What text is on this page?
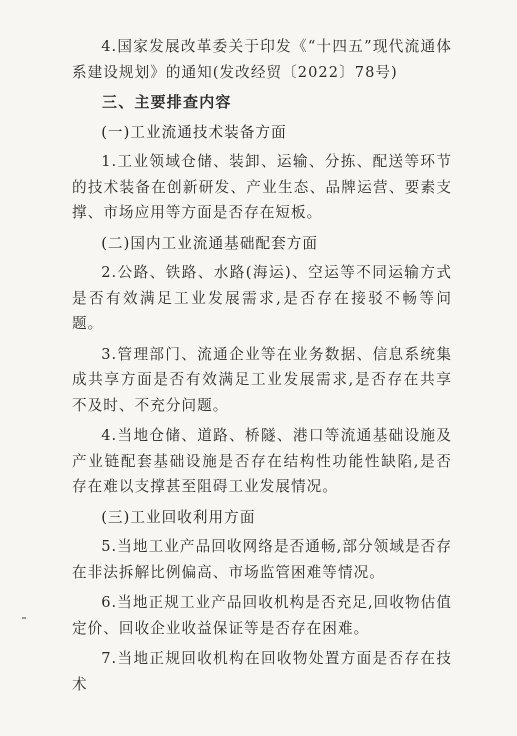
4.国家发展改革委关于印发《“十四五”现代流通体系建设规划》的通知(发改经贸〔2022〕78号)

三、主要排查内容

(一)工业流通技术装备方面

1.工业领域仓储、装卸、运输、分拣、配送等环节的技术装备在创新研发、产业生态、品牌运营、要素支撑、市场应用等方面是否存在短板。

(二)国内工业流通基础配套方面

2.公路、铁路、水路(海运)、空运等不同运输方式是否有效满足工业发展需求,是否存在接驳不畅等问题。

3.管理部门、流通企业等在业务数据、信息系统集成共享方面是否有效满足工业发展需求,是否存在共享不及时、不充分问题。

4.当地仓储、道路、桥隧、港口等流通基础设施及产业链配套基础设施是否存在结构性功能性缺陷,是否存在难以支撑甚至阻碍工业发展情况。

(三)工业回收利用方面

5.当地工业产品回收网络是否通畅,部分领域是否存在非法拆解比例偏高、市场监管困难等情况。

6.当地正规工业产品回收机构是否充足,回收物估值定价、回收企业收益保证等是否存在困难。

7.当地正规回收机构在回收物处置方面是否存在技术
